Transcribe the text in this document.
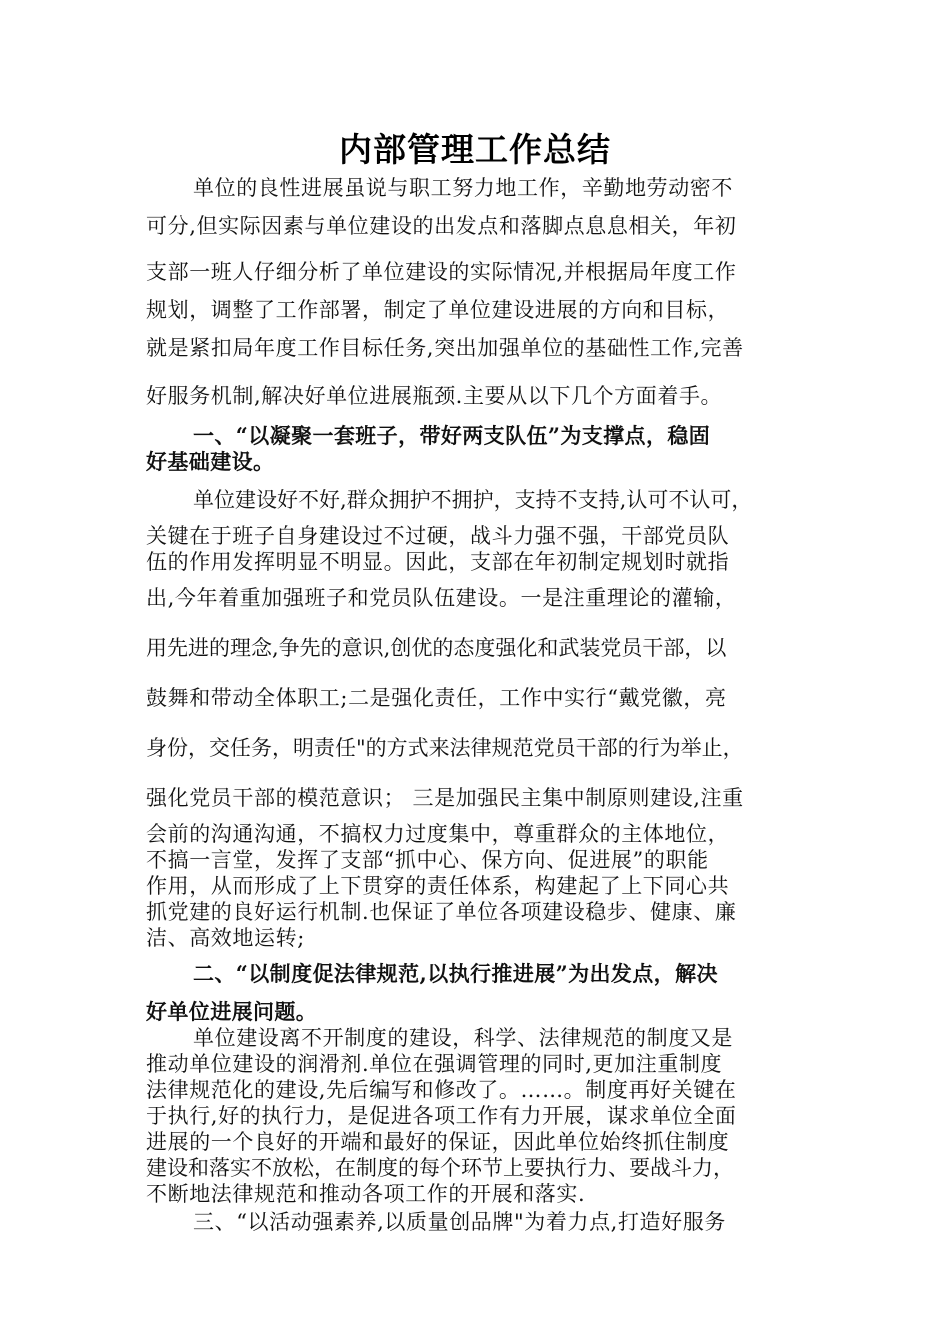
内部管理工作总结
单位的良性进展虽说与职工努力地工作，辛勤地劳动密不
可分,但实际因素与单位建设的出发点和落脚点息息相关，年初
支部一班人仔细分析了单位建设的实际情况,并根据局年度工作
规划，调整了工作部署，制定了单位建设进展的方向和目标，
就是紧扣局年度工作目标任务,突出加强单位的基础性工作,完善
好服务机制,解决好单位进展瓶颈.主要从以下几个方面着手。
一、“以凝聚一套班子，带好两支队伍”为支撑点，稳固
好基础建设。
单位建设好不好,群众拥护不拥护，支持不支持,认可不认可，
关键在于班子自身建设过不过硬，战斗力强不强，干部党员队
伍的作用发挥明显不明显。因此，支部在年初制定规划时就指
出,今年着重加强班子和党员队伍建设。一是注重理论的灌输，
用先进的理念,争先的意识,创优的态度强化和武装党员干部，以
鼓舞和带动全体职工;二是强化责任，工作中实行“戴党徽，亮
身份，交任务，明责任"的方式来法律规范党员干部的行为举止，
强化党员干部的模范意识； 三是加强民主集中制原则建设,注重
会前的沟通沟通，不搞权力过度集中，尊重群众的主体地位，
不搞一言堂，发挥了支部“抓中心、保方向、促进展”的职能
作用，从而形成了上下贯穿的责任体系，构建起了上下同心共
抓党建的良好运行机制.也保证了单位各项建设稳步、健康、廉
洁、高效地运转;
二、“以制度促法律规范,以执行推进展”为出发点，解决
好单位进展问题。
单位建设离不开制度的建设，科学、法律规范的制度又是
推动单位建设的润滑剂.单位在强调管理的同时,更加注重制度
法律规范化的建设,先后编写和修改了。……。制度再好关键在
于执行,好的执行力，是促进各项工作有力开展，谋求单位全面
进展的一个良好的开端和最好的保证，因此单位始终抓住制度
建设和落实不放松，在制度的每个环节上要执行力、要战斗力，
不断地法律规范和推动各项工作的开展和落实.
三、“以活动强素养,以质量创品牌"为着力点,打造好服务
